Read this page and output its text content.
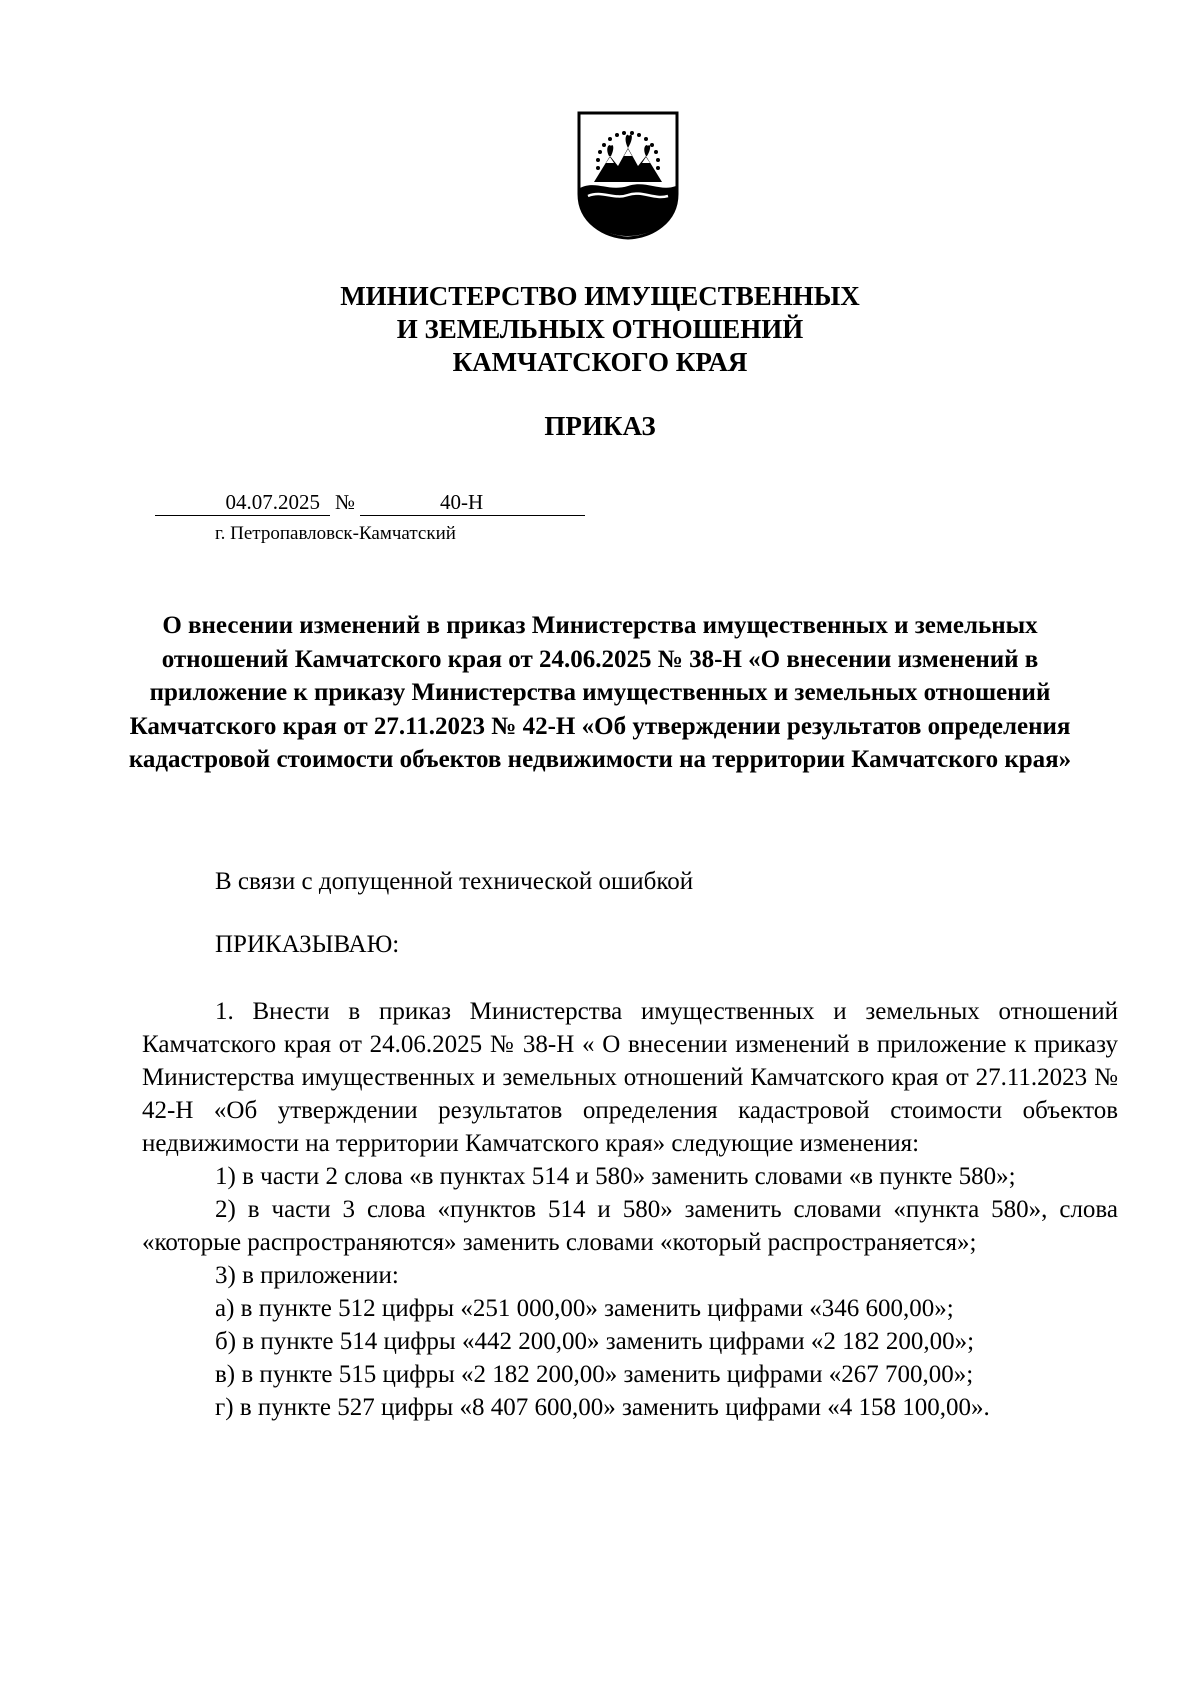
МИНИСТЕРСТВО ИМУЩЕСТВЕННЫХ
И ЗЕМЕЛЬНЫХ ОТНОШЕНИЙ
КАМЧАТСКОГО КРАЯ
ПРИКАЗ
04.07.2025 №	40-Н
г. Петропавловск-Камчатский
О внесении изменений в приказ Министерства имущественных и земельных отношений Камчатского края от 24.06.2025 № 38-Н «О внесении изменений в приложение к приказу Министерства имущественных и земельных отношений Камчатского края от 27.11.2023 № 42-Н «Об утверждении результатов определения кадастровой стоимости объектов недвижимости на территории Камчатского края»
В связи с допущенной технической ошибкой
ПРИКАЗЫВАЮ:

1. Внести в приказ Министерства имущественных и земельных отношений Камчатского края от 24.06.2025 № 38-Н « О внесении изменений в приложение к приказу Министерства имущественных и земельных отношений Камчатского края от 27.11.2023 № 42-Н «Об утверждении результатов определения кадастровой стоимости объектов недвижимости на территории Камчатского края» следующие изменения:

1) в части 2 слова «в пунктах 514 и 580» заменить словами «в пункте 580»;

2) в части 3 слова «пунктов 514 и 580» заменить словами «пункта 580», слова «которые распространяются» заменить словами «который распространяется»;

3) в приложении:

а) в пункте 512 цифры «251 000,00» заменить цифрами «346 600,00»;

б) в пункте 514 цифры «442 200,00» заменить цифрами «2 182 200,00»;

в) в пункте 515 цифры «2 182 200,00» заменить цифрами «267 700,00»;

г) в пункте 527 цифры «8 407 600,00» заменить цифрами «4 158 100,00».
